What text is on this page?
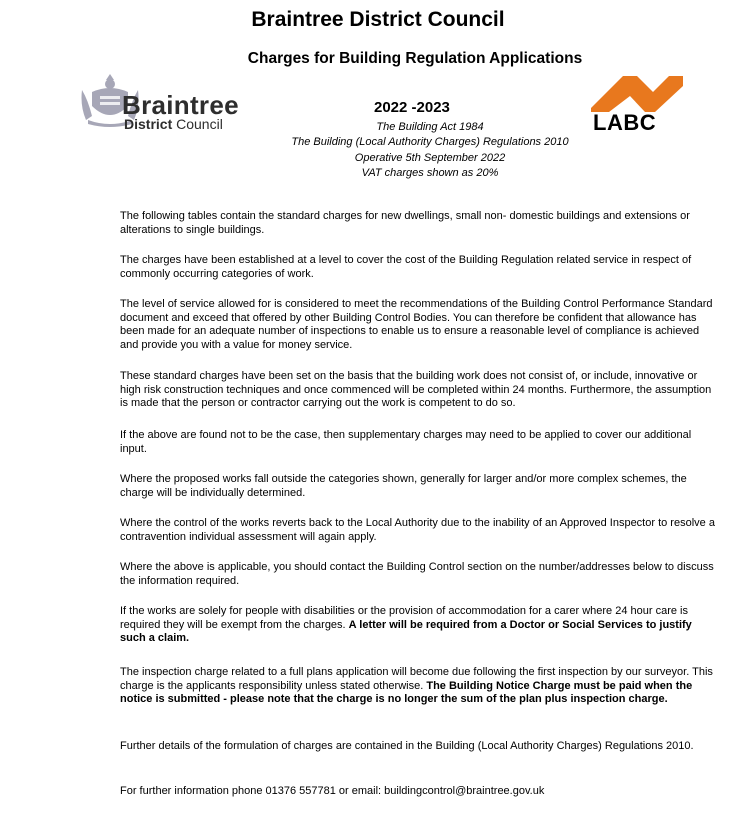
Braintree District Council
Charges for Building Regulation Applications
Braintree
District Council	LABC
2022 -2023
The Building Act 1984
The Building (Local Authority Charges) Regulations 2010
Operative 5th September 2022
VAT charges shown as 20%

The following tables contain the standard charges for new dwellings, small non- domestic buildings and extensions or alterations to single buildings.

The charges have been established at a level to cover the cost of the Building Regulation related service in respect of commonly occurring categories of work.

The level of service allowed for is considered to meet the recommendations of the Building Control Performance Standard document and exceed that offered by other Building Control Bodies. You can therefore be confident that allowance has been made for an adequate number of inspections to enable us to ensure a reasonable level of compliance is achieved and provide you with a value for money service.

These standard charges have been set on the basis that the building work does not consist of, or include, innovative or high risk construction techniques and once commenced will be completed within 24 months. Furthermore, the assumption is made that the person or contractor carrying out the work is competent to do so.

If the above are found not to be the case, then supplementary charges may need to be applied to cover our additional input.

Where the proposed works fall outside the categories shown, generally for larger and/or more complex schemes, the charge will be individually determined.

Where the control of the works reverts back to the Local Authority due to the inability of an Approved Inspector to resolve a contravention individual assessment will again apply.

Where the above is applicable, you should contact the Building Control section on the number/addresses below to discuss the information required.

If the works are solely for people with disabilities or the provision of accommodation for a carer where 24 hour care is required they will be exempt from the charges. A letter will be required from a Doctor or Social Services to justify such a claim.

The inspection charge related to a full plans application will become due following the first inspection by our surveyor. This charge is the applicants responsibility unless stated otherwise. The Building Notice Charge must be paid when the notice is submitted - please note that the charge is no longer the sum of the plan plus inspection charge.

Further details of the formulation of charges are contained in the Building (Local Authority Charges) Regulations 2010.

For further information phone 01376 557781 or email: buildingcontrol@braintree.gov.uk
